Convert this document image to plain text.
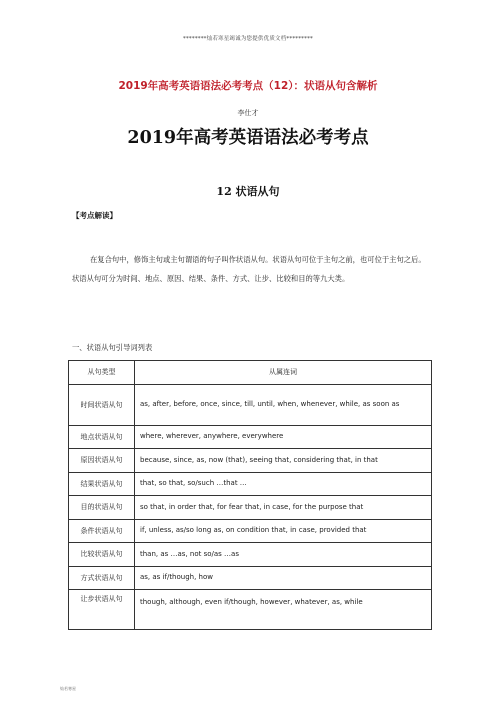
********灿若寒星竭诚为您提供优质文档*********
2019年高考英语语法必考考点（12）：状语从句含解析
李仕才
2019年高考英语语法必考考点
12 状语从句
【考点解读】

在复合句中，修饰主句或主句谓语的句子叫作状语从句。状语从句可位于主句之前，也可位于主句之后。状语从句可分为时间、地点、原因、结果、条件、方式、让步、比较和目的等九大类。

一、状语从句引导词列表
从句类型	从属连词
时间状语从句	as, after, before, once, since, till, until, when, whenever, while, as soon as
地点状语从句	where, wherever, anywhere, everywhere
原因状语从句	because, since, as, now (that), seeing that, considering that, in that
结果状语从句	that, so that, so/such …that …
目的状语从句	so that, in order that, for fear that, in case, for the purpose that
条件状语从句	if, unless, as/so long as, on condition that, in case, provided that
比较状语从句	than, as …as, not so/as …as
方式状语从句	as, as if/though, how
让步状语从句	though, although, even if/though, however, whatever, as, while
灿若寒星
